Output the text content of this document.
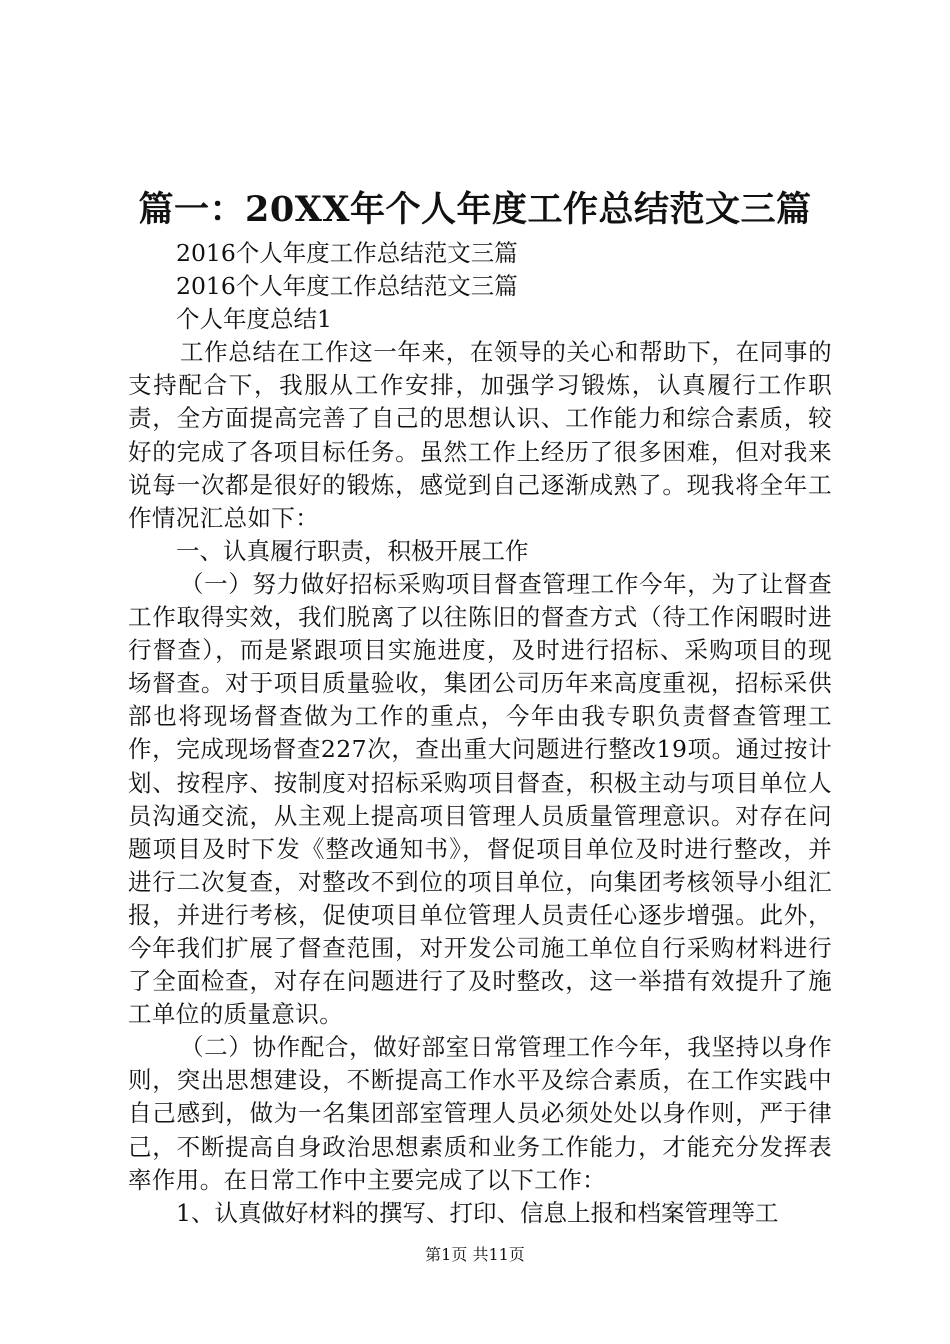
篇一：20XX年个人年度工作总结范文三篇

2016个人年度工作总结范文三篇

2016个人年度工作总结范文三篇

个人年度总结1

工作总结在工作这一年来，在领导的关心和帮助下，在同事的支持配合下，我服从工作安排，加强学习锻炼，认真履行工作职责，全方面提高完善了自己的思想认识、工作能力和综合素质，较好的完成了各项目标任务。虽然工作上经历了很多困难，但对我来说每一次都是很好的锻炼，感觉到自己逐渐成熟了。现我将全年工作情况汇总如下：

一、认真履行职责，积极开展工作

（一）努力做好招标采购项目督查管理工作今年，为了让督查工作取得实效，我们脱离了以往陈旧的督查方式（待工作闲暇时进行督查），而是紧跟项目实施进度，及时进行招标、采购项目的现场督查。对于项目质量验收，集团公司历年来高度重视，招标采供部也将现场督查做为工作的重点，今年由我专职负责督查管理工作，完成现场督查227次，查出重大问题进行整改19项。通过按计划、按程序、按制度对招标采购项目督查，积极主动与项目单位人员沟通交流，从主观上提高项目管理人员质量管理意识。对存在问题项目及时下发《整改通知书》，督促项目单位及时进行整改，并进行二次复查，对整改不到位的项目单位，向集团考核领导小组汇报，并进行考核，促使项目单位管理人员责任心逐步增强。此外，今年我们扩展了督查范围，对开发公司施工单位自行采购材料进行了全面检查，对存在问题进行了及时整改，这一举措有效提升了施工单位的质量意识。

（二）协作配合，做好部室日常管理工作今年，我坚持以身作则，突出思想建设，不断提高工作水平及综合素质，在工作实践中自己感到，做为一名集团部室管理人员必须处处以身作则，严于律己，不断提高自身政治思想素质和业务工作能力，才能充分发挥表率作用。在日常工作中主要完成了以下工作：

1、认真做好材料的撰写、打印、信息上报和档案管理等工

第1页 共11页
